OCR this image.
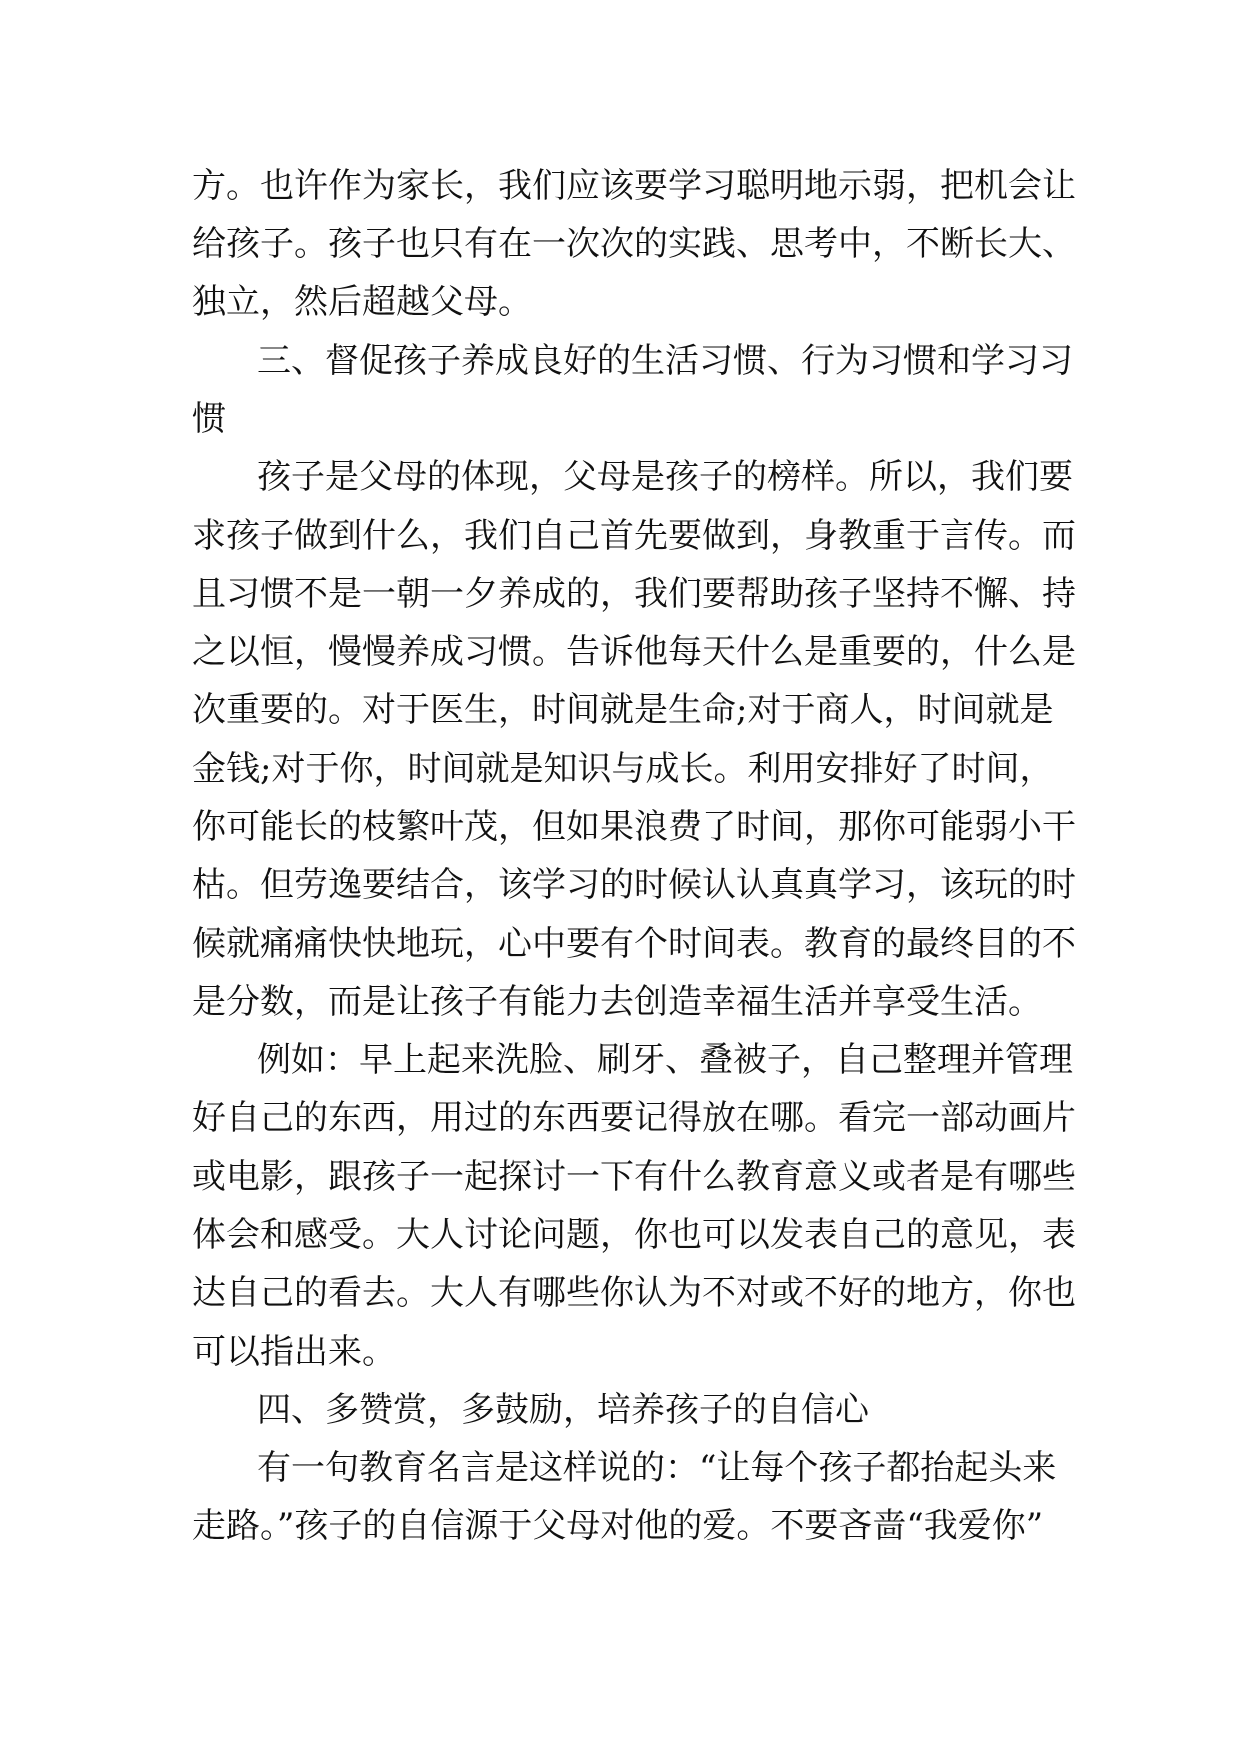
方。也许作为家长，我们应该要学习聪明地示弱，把机会让
给孩子。孩子也只有在一次次的实践、思考中，不断长大、
独立，然后超越父母。
三、督促孩子养成良好的生活习惯、行为习惯和学习习
惯
孩子是父母的体现，父母是孩子的榜样。所以，我们要
求孩子做到什么，我们自己首先要做到，身教重于言传。而
且习惯不是一朝一夕养成的，我们要帮助孩子坚持不懈、持
之以恒，慢慢养成习惯。告诉他每天什么是重要的，什么是
次重要的。对于医生，时间就是生命;对于商人，时间就是
金钱;对于你，时间就是知识与成长。利用安排好了时间，
你可能长的枝繁叶茂，但如果浪费了时间，那你可能弱小干
枯。但劳逸要结合，该学习的时候认认真真学习，该玩的时
候就痛痛快快地玩，心中要有个时间表。教育的最终目的不
是分数，而是让孩子有能力去创造幸福生活并享受生活。
例如：早上起来洗脸、刷牙、叠被子，自己整理并管理
好自己的东西，用过的东西要记得放在哪。看完一部动画片
或电影，跟孩子一起探讨一下有什么教育意义或者是有哪些
体会和感受。大人讨论问题，你也可以发表自己的意见，表
达自己的看去。大人有哪些你认为不对或不好的地方，你也
可以指出来。
四、多赞赏，多鼓励，培养孩子的自信心
有一句教育名言是这样说的：“让每个孩子都抬起头来
走路。”孩子的自信源于父母对他的爱。不要吝啬“我爱你”
